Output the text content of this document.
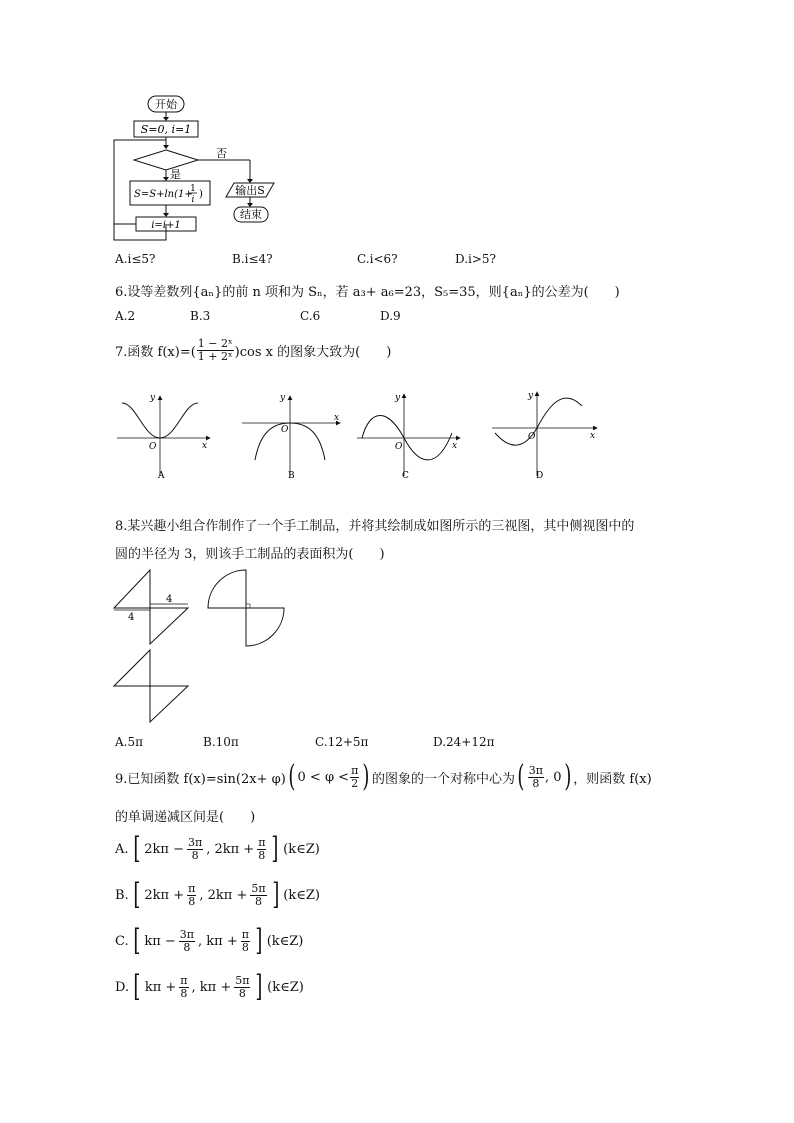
开始
S=0, i=1
否
是
S=S+ln(1+
1
i )
i=i+1
输出S
结束
A.i≤5?	B.i≤4?	C.i<6?	D.i>5?
6.设等差数列{aₙ}的前 n 项和为 Sₙ，若 a₃+ a₆=23，S₅=35，则{aₙ}的公差为(　　)
A.2	B.3	C.6	D.9
7.函数 $f(x)=( \frac{\text{1 − 2ˣ}}{\text{1 + 2ˣ}} )\cos$ x 的图象大致为(　　)
y
x
O
A
y
x
O
B
y
x
O
C
y
x
O
D
8.某兴趣小组合作制作了一个手工制品，并将其绘制成如图所示的三视图，其中侧视图中的
圆的半径为 3，则该手工制品的表面积为(　　)
4
4
A.5π	B.10π	C.12+5π	D.24+12π
9.已知函数 f(x)=sin(2x+ φ) ( $0 < \varphi < \frac{\pi}{2}$ ) 的图象的一个对称中心为 ( $\frac{3\pi}{8}$ , 0 ) ，则函数 f(x)
的单调递减区间是(　　)
A. [ $2k\pi - \frac{3\pi}{8}$ , $2k\pi + \frac{\pi}{8}$ ] (k∈Z)
B. [ $2k\pi + \frac{\pi}{8}$ , $2k\pi + \frac{5\pi}{8}$ ] (k∈Z)
C. [ $k\pi - \frac{3\pi}{8}$ , $k\pi + \frac{\pi}{8}$ ] (k∈Z)
D. [ $k\pi + \frac{\pi}{8}$ , $k\pi + \frac{5\pi}{8}$ ] (k∈Z)
